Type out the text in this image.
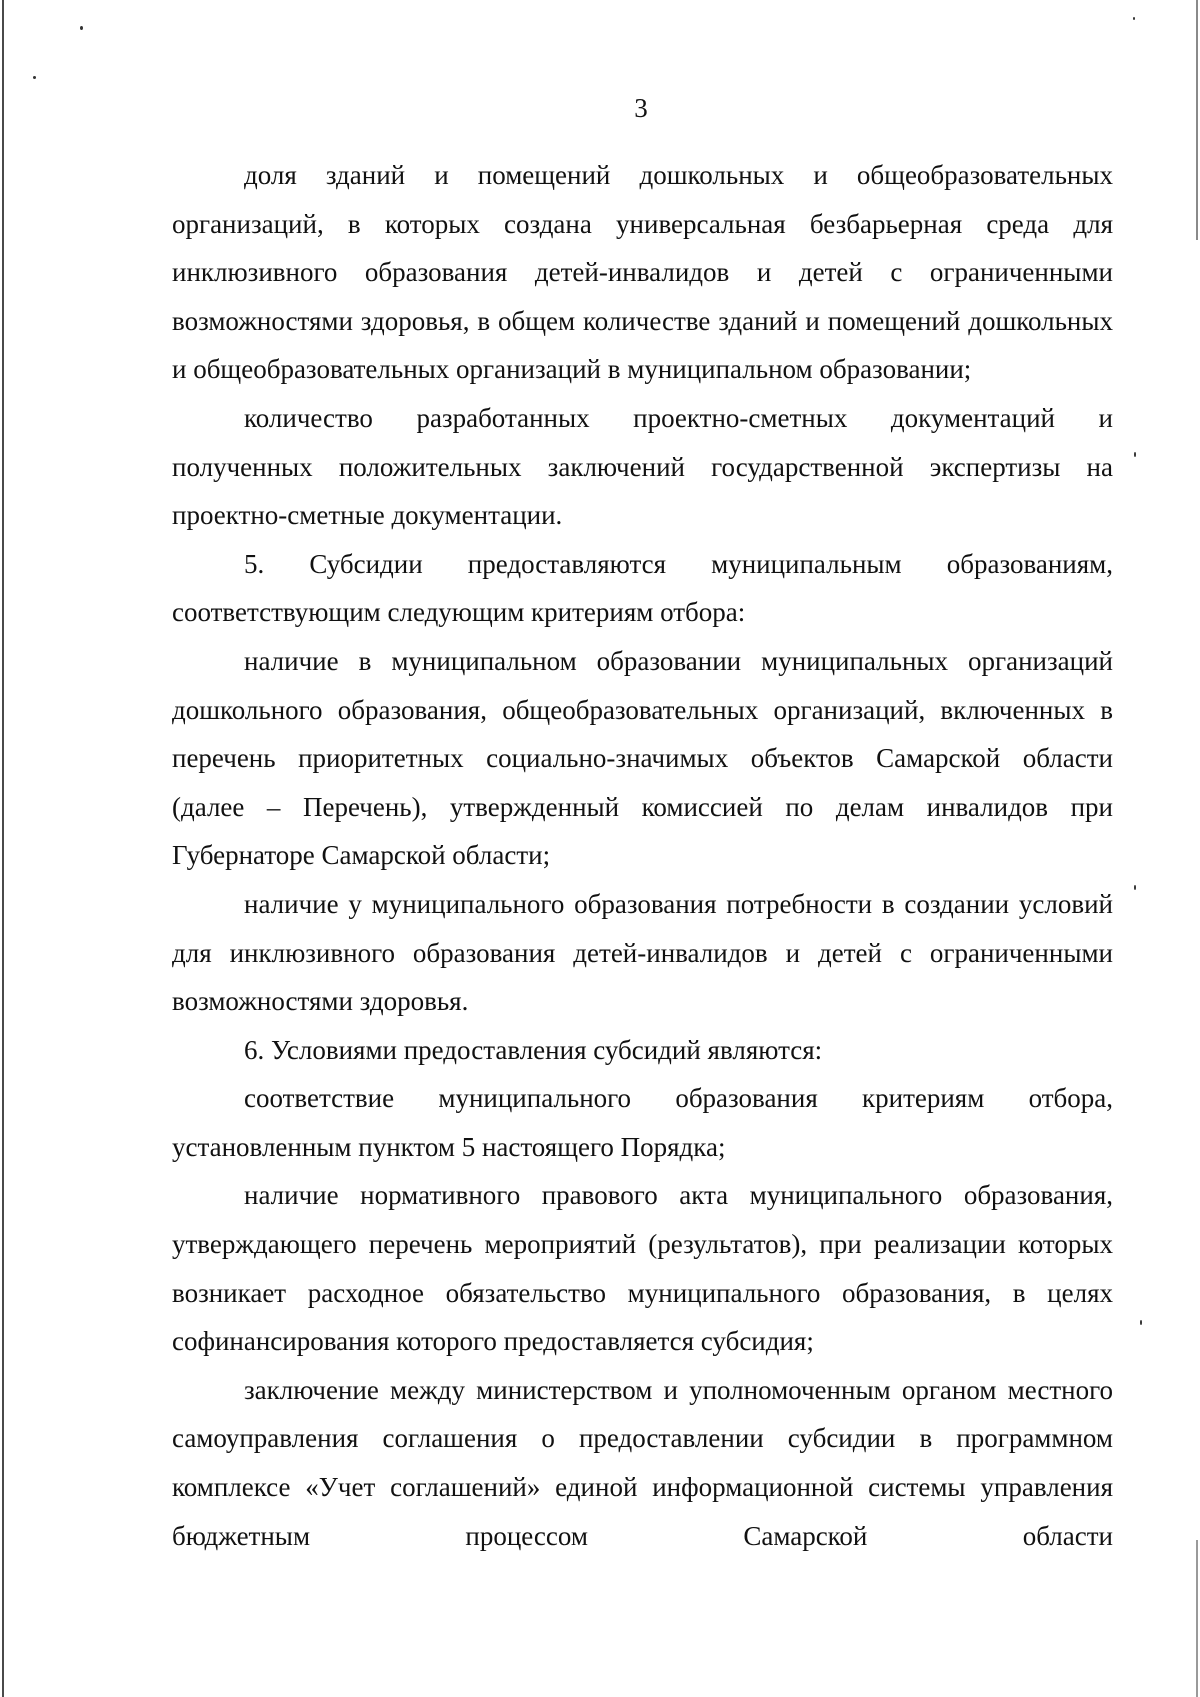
3

доля зданий и помещений дошкольных и общеобразовательных организаций, в которых создана универсальная безбарьерная среда для инклюзивного образования детей-инвалидов и детей с ограниченными возможностями здоровья, в общем количестве зданий и помещений дошкольных и общеобразовательных организаций в муниципальном образовании;

количество разработанных проектно-сметных документаций и полученных положительных заключений государственной экспертизы на проектно-сметные документации.

5. Субсидии предоставляются муниципальным образованиям, соответствующим следующим критериям отбора:

наличие в муниципальном образовании муниципальных организаций дошкольного образования, общеобразовательных организаций, включенных в перечень приоритетных социально-значимых объектов Самарской области (далее – Перечень), утвержденный комиссией по делам инвалидов при Губернаторе Самарской области;

наличие у муниципального образования потребности в создании условий для инклюзивного образования детей-инвалидов и детей с ограниченными возможностями здоровья.

6. Условиями предоставления субсидий являются:

соответствие муниципального образования критериям отбора, установленным пунктом 5 настоящего Порядка;

наличие нормативного правового акта муниципального образования, утверждающего перечень мероприятий (результатов), при реализации которых возникает расходное обязательство муниципального образования, в целях софинансирования которого предоставляется субсидия;

заключение между министерством и уполномоченным органом местного самоуправления соглашения о предоставлении субсидии в программном комплексе «Учет соглашений» единой информационной системы управления бюджетным процессом Самарской области
